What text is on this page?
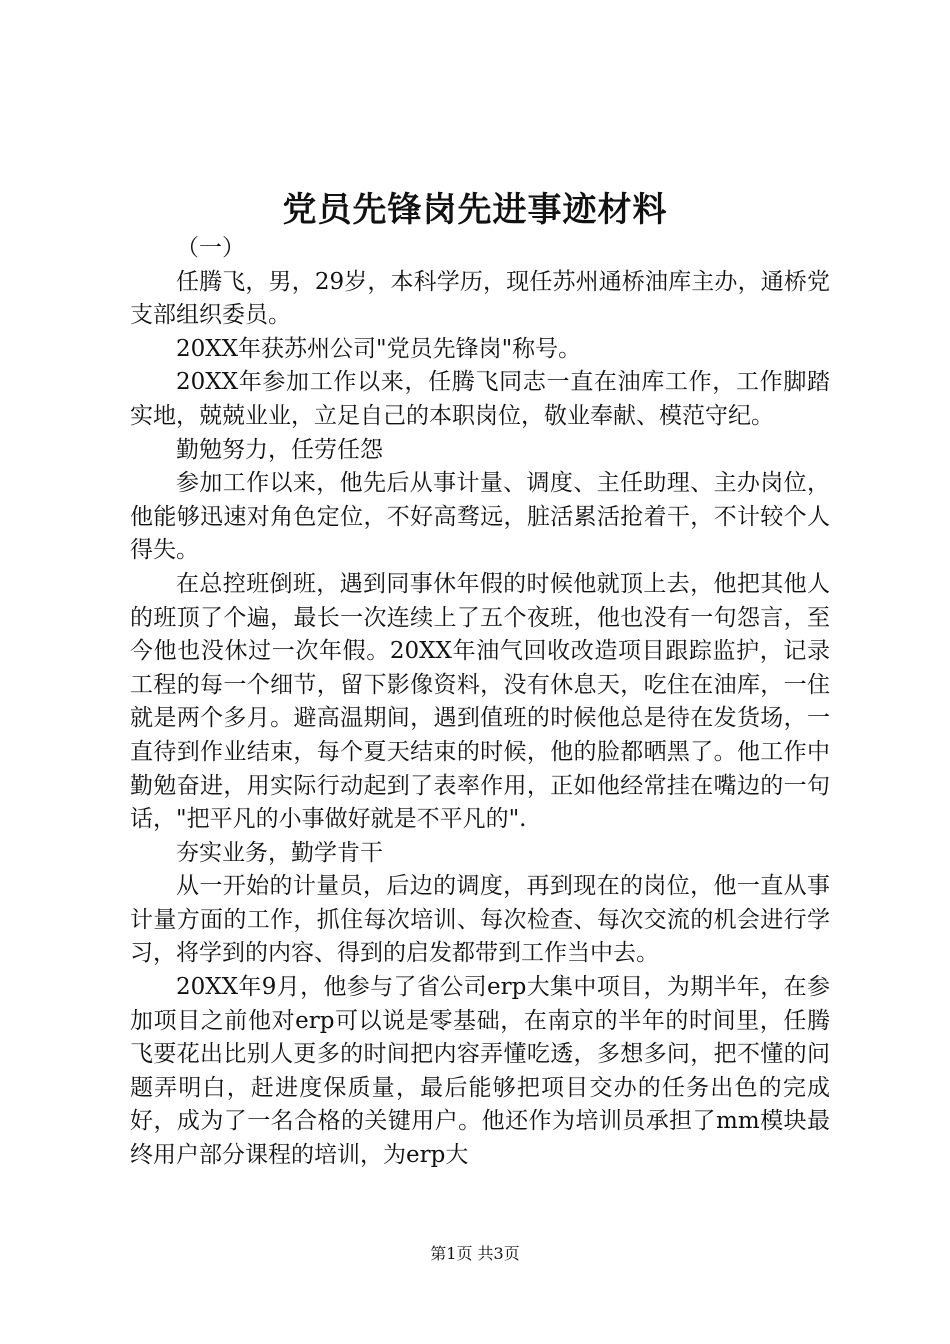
党员先锋岗先进事迹材料

（一）

任腾飞，男，29岁，本科学历，现任苏州通桥油库主办，通桥党支部组织委员。

20XX年获苏州公司"党员先锋岗"称号。

20XX年参加工作以来，任腾飞同志一直在油库工作，工作脚踏实地，兢兢业业，立足自己的本职岗位，敬业奉献、模范守纪。

勤勉努力，任劳任怨

参加工作以来，他先后从事计量、调度、主任助理、主办岗位，他能够迅速对角色定位，不好高骛远，脏活累活抢着干，不计较个人得失。

在总控班倒班，遇到同事休年假的时候他就顶上去，他把其他人的班顶了个遍，最长一次连续上了五个夜班，他也没有一句怨言，至今他也没休过一次年假。20XX年油气回收改造项目跟踪监护，记录工程的每一个细节，留下影像资料，没有休息天，吃住在油库，一住就是两个多月。避高温期间，遇到值班的时候他总是待在发货场，一直待到作业结束，每个夏天结束的时候，他的脸都晒黑了。他工作中勤勉奋进，用实际行动起到了表率作用，正如他经常挂在嘴边的一句话，"把平凡的小事做好就是不平凡的".

夯实业务，勤学肯干

从一开始的计量员，后边的调度，再到现在的岗位，他一直从事计量方面的工作，抓住每次培训、每次检查、每次交流的机会进行学习，将学到的内容、得到的启发都带到工作当中去。

20XX年9月，他参与了省公司erp大集中项目，为期半年，在参加项目之前他对erp可以说是零基础，在南京的半年的时间里，任腾飞要花出比别人更多的时间把内容弄懂吃透，多想多问，把不懂的问题弄明白，赶进度保质量，最后能够把项目交办的任务出色的完成好，成为了一名合格的关键用户。他还作为培训员承担了mm模块最终用户部分课程的培训，为erp大

第1页 共3页
